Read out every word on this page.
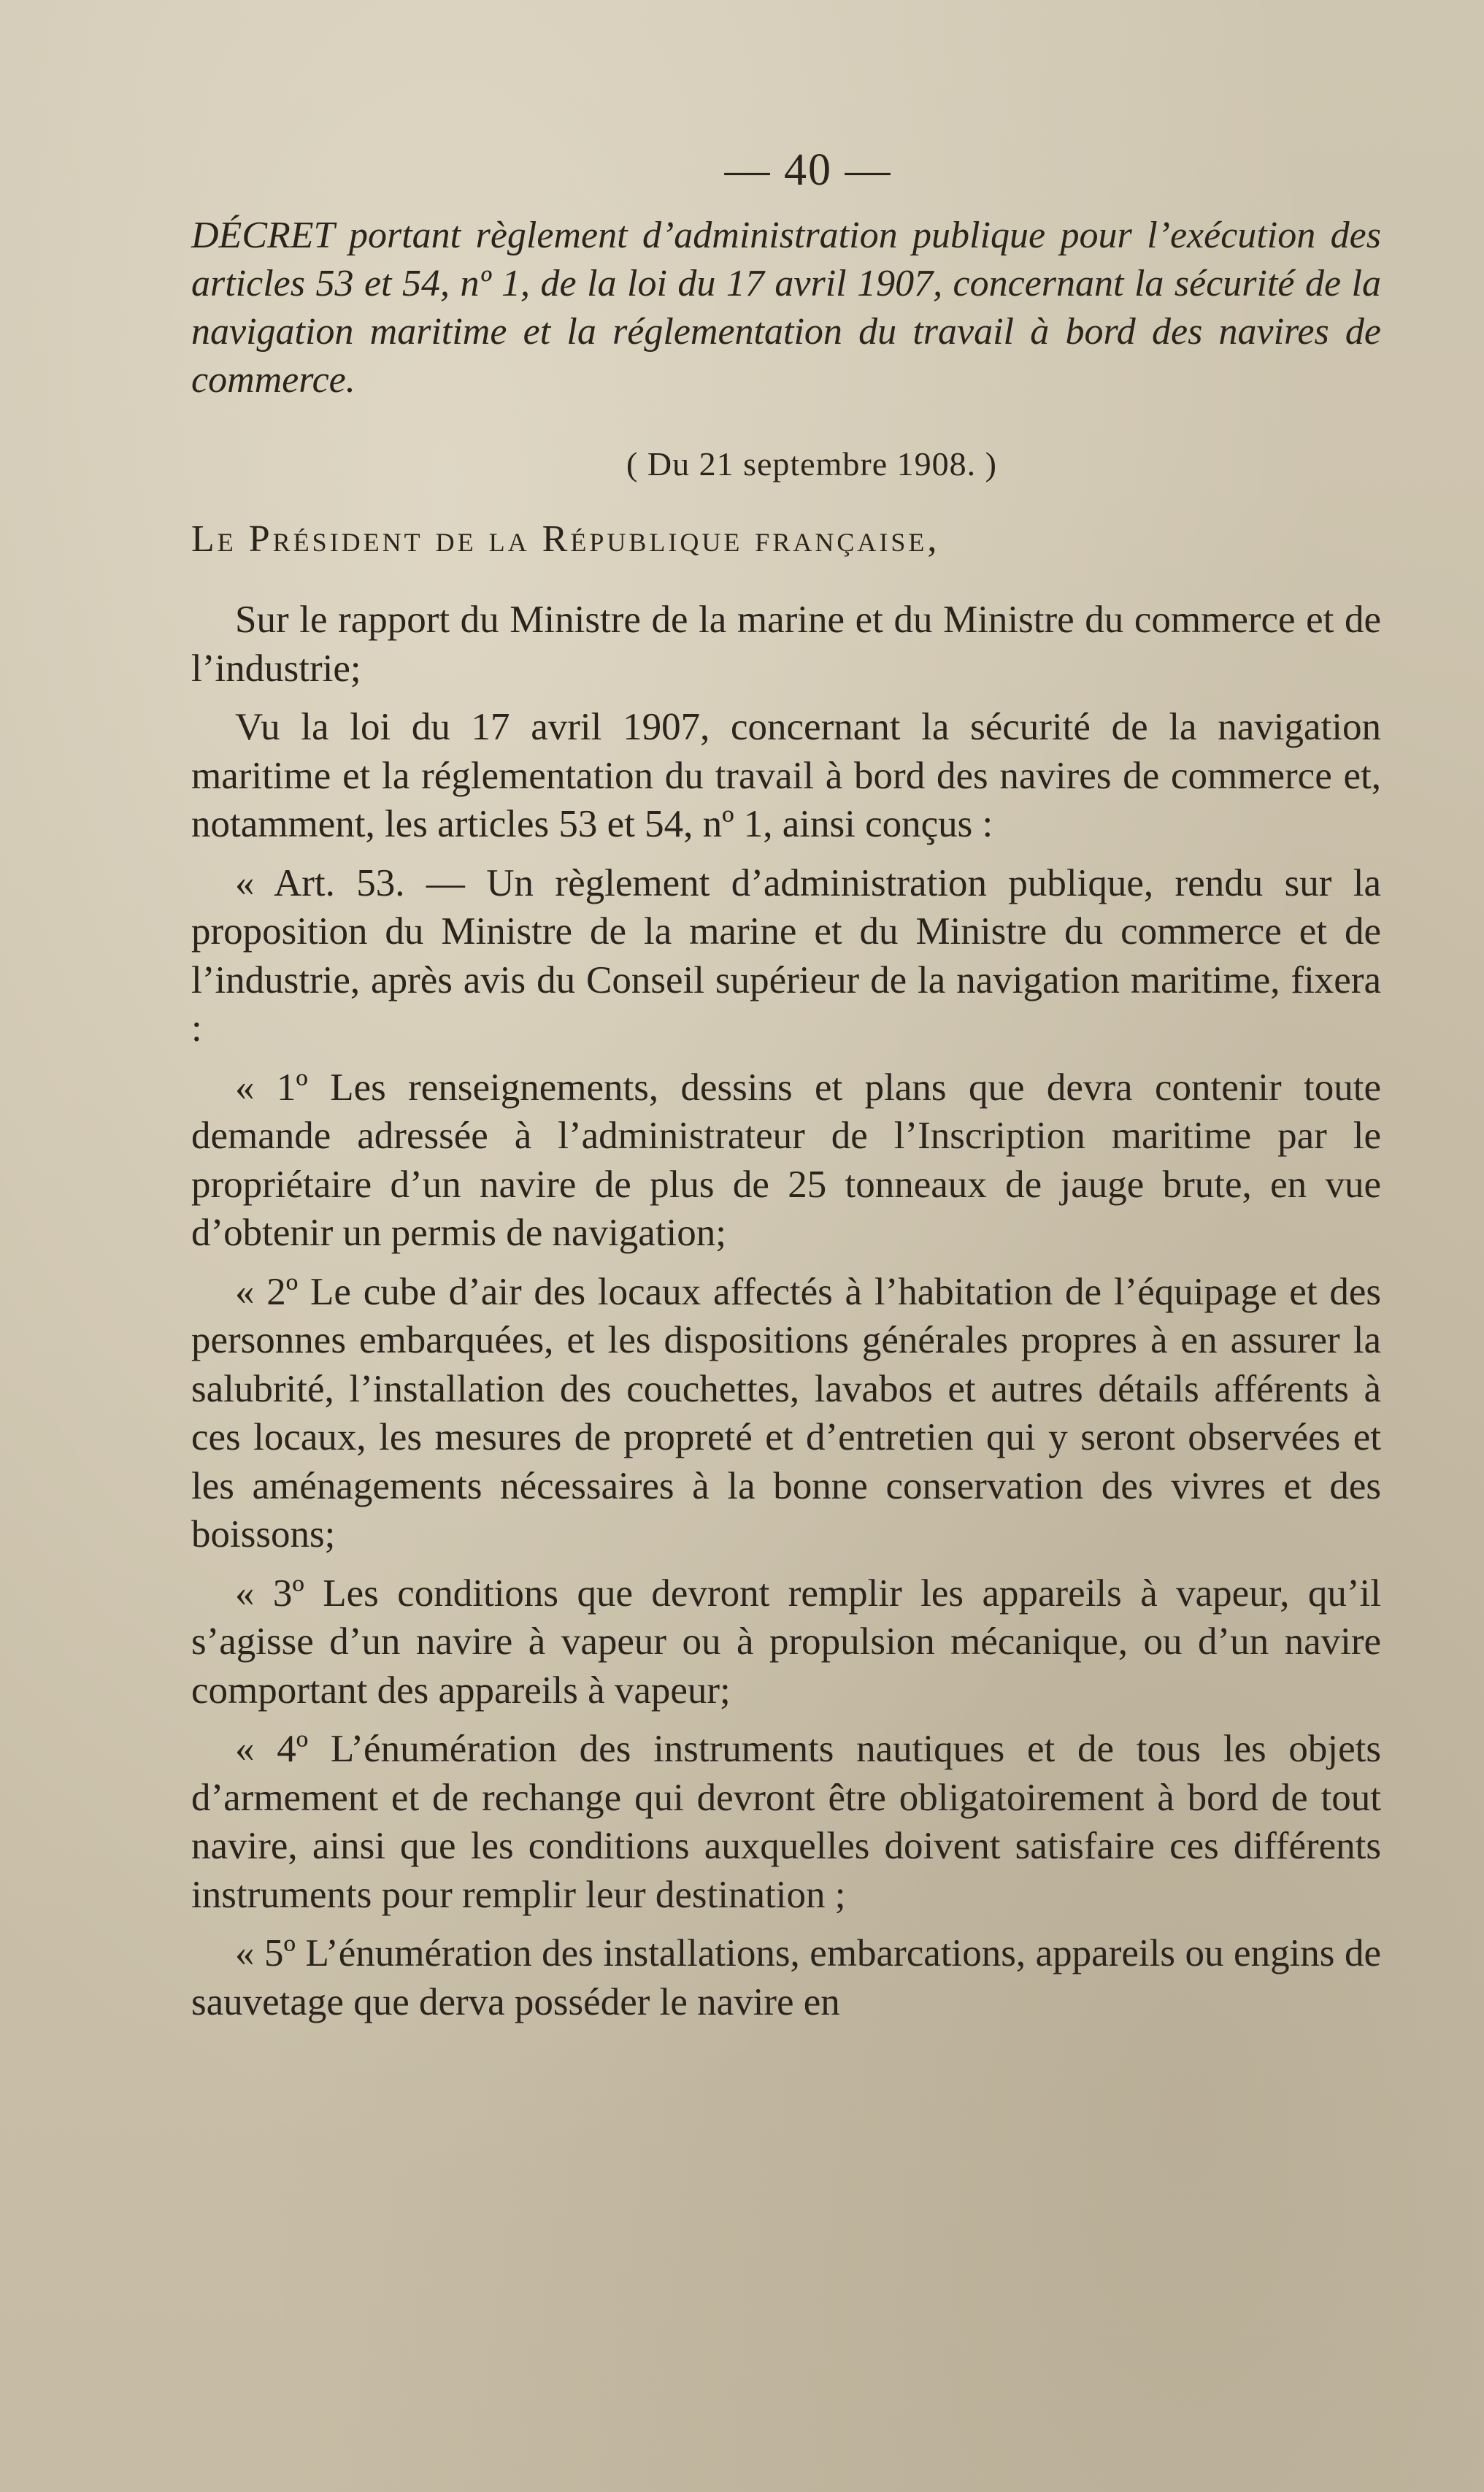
— 40 —

DÉCRET portant règlement d’administration publique pour l’exécution des articles 53 et 54, nº 1, de la loi du 17 avril 1907, concernant la sécurité de la navigation maritime et la réglementation du travail à bord des navires de commerce.

( Du 21 septembre 1908. )
Le Président de la République française,

Sur le rapport du Ministre de la marine et du Ministre du commerce et de l’industrie;

Vu la loi du 17 avril 1907, concernant la sécurité de la navigation maritime et la réglementation du travail à bord des navires de commerce et, notamment, les articles 53 et 54, nº 1, ainsi conçus :

« Art. 53. — Un règlement d’administration publique, rendu sur la proposition du Ministre de la marine et du Ministre du commerce et de l’industrie, après avis du Conseil supérieur de la navigation maritime, fixera :

« 1º Les renseignements, dessins et plans que devra contenir toute demande adressée à l’administrateur de l’Inscription maritime par le propriétaire d’un navire de plus de 25 tonneaux de jauge brute, en vue d’obtenir un permis de navigation;

« 2º Le cube d’air des locaux affectés à l’habitation de l’équipage et des personnes embarquées, et les dispositions générales propres à en assurer la salubrité, l’installation des couchettes, lavabos et autres détails afférents à ces locaux, les mesures de propreté et d’entretien qui y seront observées et les aménagements nécessaires à la bonne conservation des vivres et des boissons;

« 3º Les conditions que devront remplir les appareils à vapeur, qu’il s’agisse d’un navire à vapeur ou à propulsion mécanique, ou d’un navire comportant des appareils à vapeur;

« 4º L’énumération des instruments nautiques et de tous les objets d’armement et de rechange qui devront être obligatoirement à bord de tout navire, ainsi que les conditions auxquelles doivent satisfaire ces différents instruments pour remplir leur destination ;

« 5º L’énumération des installations, embarcations, appareils ou engins de sauvetage que derva posséder le navire en
